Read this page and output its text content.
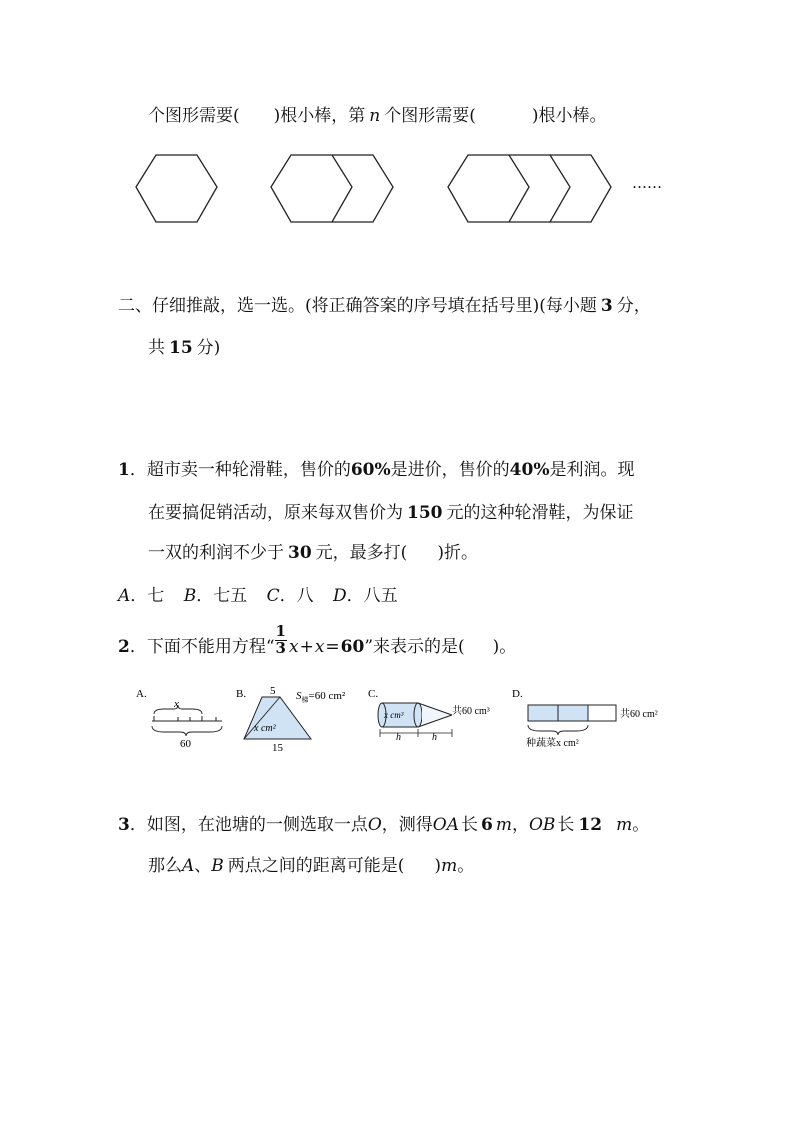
个图形需要( )根小棒，第 n 个图形需要(	)根小棒。
……
二、仔细推敲，选一选。(将正确答案的序号填在括号里)(每小题 3 分，
共 15 分)
1．超市卖一种轮滑鞋，售价的60%是进价，售价的40%是利润。现
在要搞促销活动，原来每双售价为 150 元的这种轮滑鞋，为保证
一双的利润不少于 30 元，最多打( )折。
A．七 B．七五 C．八 D．八五
2．下面不能用方程“ $\frac{1}{3} x+x=60$”来表示的是( )。
A.
x
60
B. 5
x cm²
$S_梯=60$ cm²
15
C.
x cm³
h	h
共60 cm³
D.
共60 cm²
种蔬菜x cm²
3．如图，在池塘的一侧选取一点O，测得OA 长 6 m，OB 长 12 m。
那么A、B 两点之间的距离可能是( )m。
